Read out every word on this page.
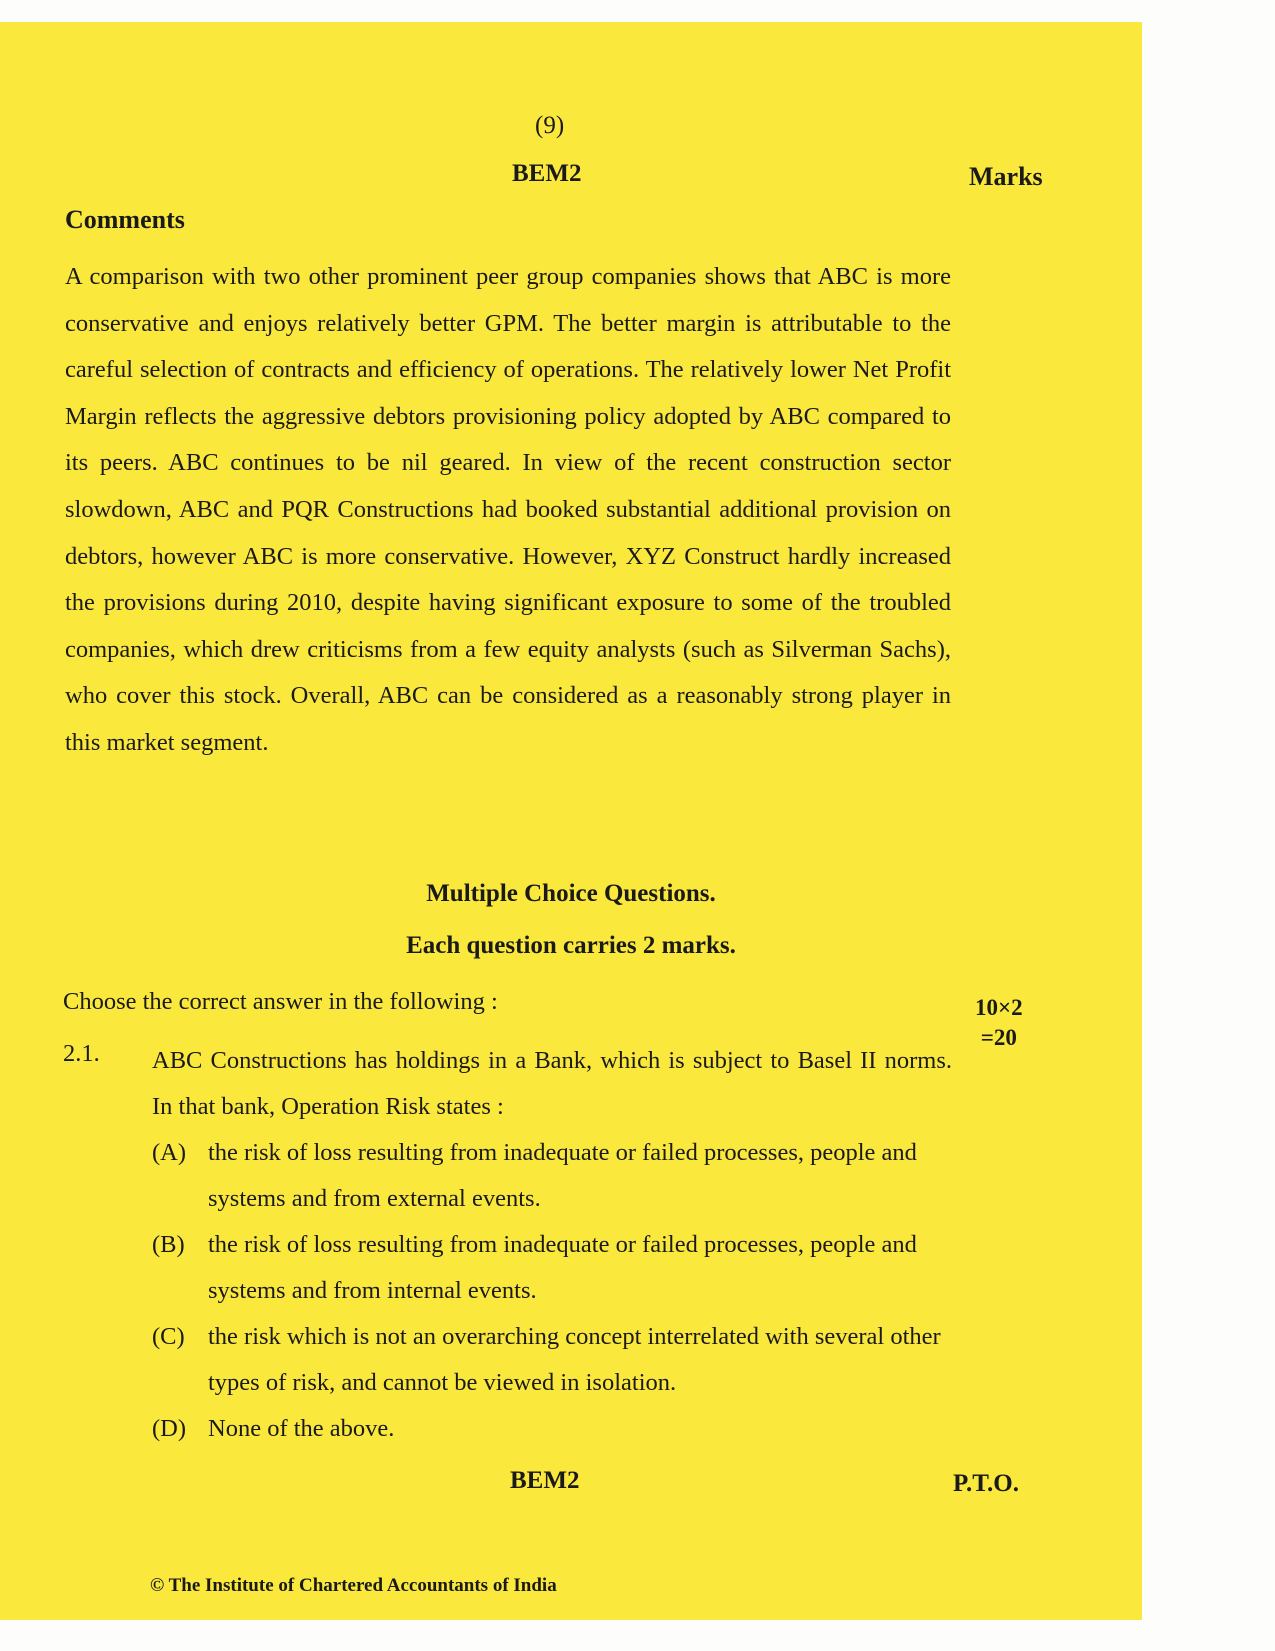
(9)
BEM2	Marks
Comments
A comparison with two other prominent peer group companies shows that ABC is more conservative and enjoys relatively better GPM. The better margin is attributable to the careful selection of contracts and efficiency of operations. The relatively lower Net Profit Margin reflects the aggressive debtors provisioning policy adopted by ABC compared to its peers. ABC continues to be nil geared. In view of the recent construction sector slowdown, ABC and PQR Constructions had booked substantial additional provision on debtors, however ABC is more conservative. However, XYZ Construct hardly increased the provisions during 2010, despite having significant exposure to some of the troubled companies, which drew criticisms from a few equity analysts (such as Silverman Sachs), who cover this stock. Overall, ABC can be considered as a reasonably strong player in this market segment.
Multiple Choice Questions.
Each question carries 2 marks.
Choose the correct answer in the following :	10×2
=20
2.1. ABC Constructions has holdings in a Bank, which is subject to Basel II norms. In that bank, Operation Risk states :
(A) the risk of loss resulting from inadequate or failed processes, people and systems and from external events.
(B) the risk of loss resulting from inadequate or failed processes, people and systems and from internal events.
(C) the risk which is not an overarching concept interrelated with several other types of risk, and cannot be viewed in isolation.
(D) None of the above.
BEM2	P.T.O.
© The Institute of Chartered Accountants of India
